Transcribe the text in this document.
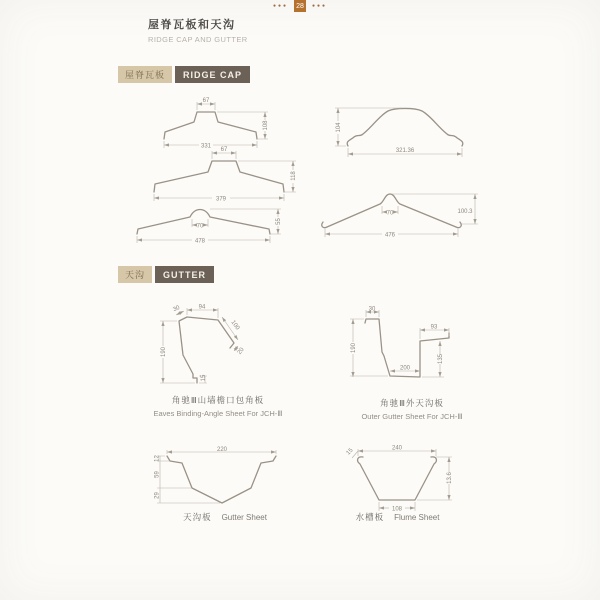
屋脊瓦板和天沟
RIDGE CAP AND GUTTER
屋脊瓦板	RIDGE CAP
67
331
108
67
379
118
70
478
55
104
321.36
70
476
100.3
天沟	GUTTER
30	94
100
20
190
15
角驰Ⅲ山墙檐口包角板
Eaves Binding-Angle Sheet For JCH-Ⅲ
30
190
200
93
135
角驰Ⅲ外天沟板
Outer Gutter Sheet For JCH-Ⅲ
220
12
59
29
天沟板 Gutter Sheet
240
108
13.6
15
水槽板 Flume Sheet
●●● 28	●●●
